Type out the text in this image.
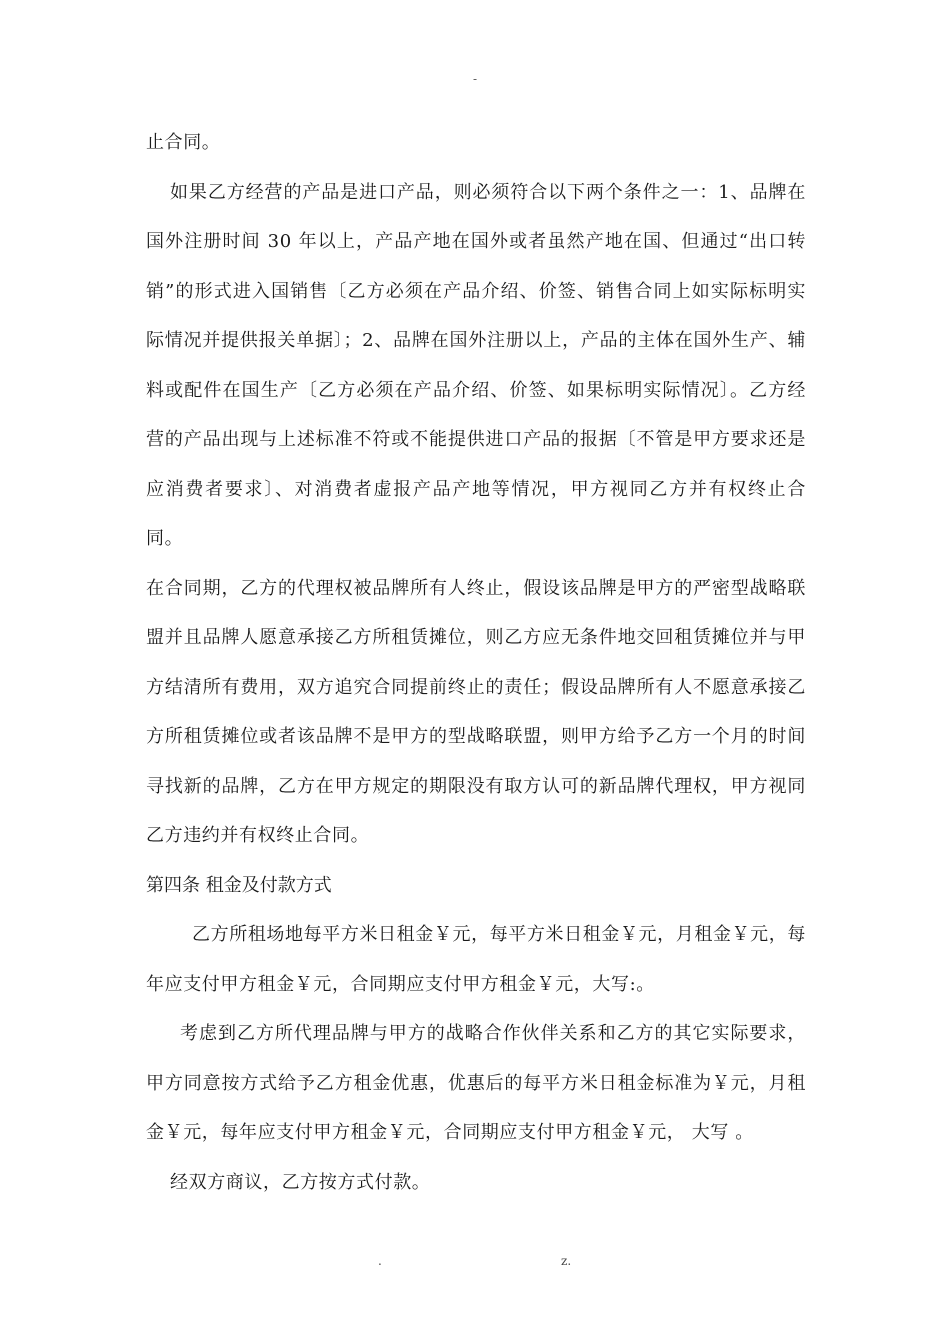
-

止合同。

如果乙方经营的产品是进口产品，则必须符合以下两个条件之一：1、品牌在国外注册时间 30 年以上，产品产地在国外或者虽然产地在国、但通过“出口转销”的形式进入国销售〔乙方必须在产品介绍、价签、销售合同上如实际标明实际情况并提供报关单据〕；2、品牌在国外注册以上，产品的主体在国外生产、辅料或配件在国生产〔乙方必须在产品介绍、价签、如果标明实际情况〕。乙方经营的产品出现与上述标准不符或不能提供进口产品的报据〔不管是甲方要求还是应消费者要求〕、对消费者虚报产品产地等情况，甲方视同乙方并有权终止合同。

在合同期，乙方的代理权被品牌所有人终止，假设该品牌是甲方的严密型战略联盟并且品牌人愿意承接乙方所租赁摊位，则乙方应无条件地交回租赁摊位并与甲方结清所有费用，双方追究合同提前终止的责任；假设品牌所有人不愿意承接乙方所租赁摊位或者该品牌不是甲方的型战略联盟，则甲方给予乙方一个月的时间寻找新的品牌，乙方在甲方规定的期限没有取方认可的新品牌代理权，甲方视同乙方违约并有权终止合同。

第四条 租金及付款方式

乙方所租场地每平方米日租金￥元，每平方米日租金￥元，月租金￥元，每年应支付甲方租金￥元，合同期应支付甲方租金￥元，大写:。

考虑到乙方所代理品牌与甲方的战略合作伙伴关系和乙方的其它实际要求，甲方同意按方式给予乙方租金优惠，优惠后的每平方米日租金标准为￥元，月租金￥元，每年应支付甲方租金￥元，合同期应支付甲方租金￥元， 大写 。

经双方商议，乙方按方式付款。

.	z.
